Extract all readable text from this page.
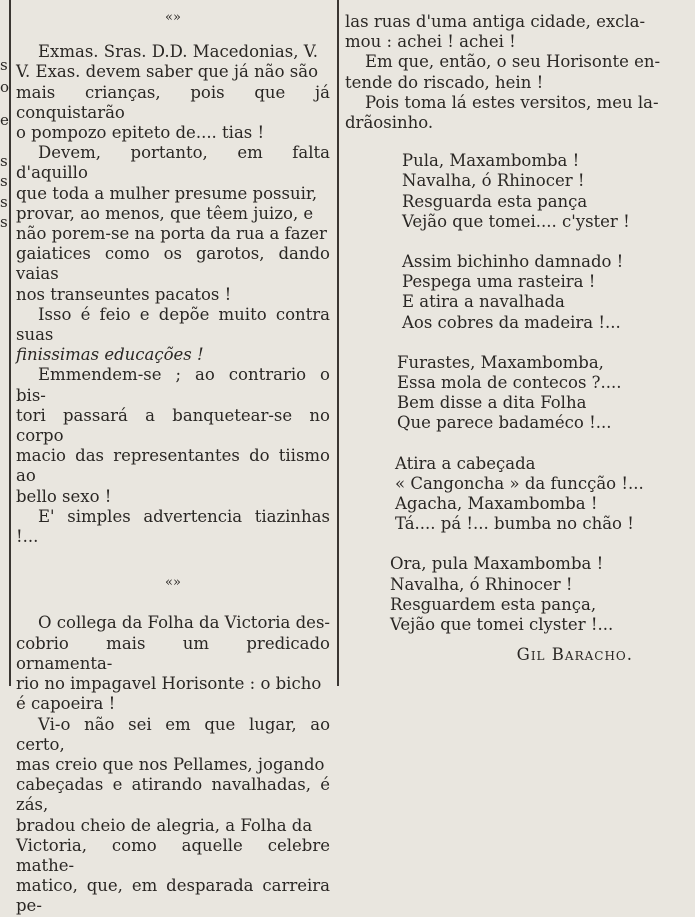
s
o
e
s
s
s
s
«»

Exmas. Sras. D.D. Macedonias, V.

V. Exas. devem saber que já não são

mais crianças, pois que já conquistarão

o pompozo epiteto de.... tias !

Devem, portanto, em falta d'aquillo

que toda a mulher presume possuir,

provar, ao menos, que têem juizo, e

não porem-se na porta da rua a fazer

gaiatices como os garotos, dando vaias

nos transeuntes pacatos !

Isso é feio e depõe muito contra suas

finissimas educações !

Emmendem-se ; ao contrario o bis-

tori passará a banquetear-se no corpo

macio das representantes do tiismo ao

bello sexo !

E' simples advertencia tiazinhas !...

«»

O collega da Folha da Victoria des-

cobrio mais um predicado ornamenta-

rio no impagavel Horisonte : o bicho

é capoeira !

Vi-o não sei em que lugar, ao certo,

mas creio que nos Pellames, jogando

cabeçadas e atirando navalhadas, é zás,

bradou cheio de alegria, a Folha da

Victoria, como aquelle celebre mathe-

matico, que, em desparada carreira pe-

las ruas d'uma antiga cidade, excla-

mou : achei ! achei !

Em que, então, o seu Horisonte en-

tende do riscado, hein !

Pois toma lá estes versitos, meu la-

drãosinho.

Pula, Maxambomba !
Navalha, ó Rhinocer !
Resguarda esta pança
Vejão que tomei.... c'yster !
Assim bichinho damnado !
Pespega uma rasteira !
E atira a navalhada
Aos cobres da madeira !...
Furastes, Maxambomba,
Essa mola de contecos ?....
Bem disse a dita Folha
Que parece badaméco !...
Atira a cabeçada
« Cangoncha » da funcção !...
Agacha, Maxambomba !
Tá.... pá !... bumba no chão !
Ora, pula Maxambomba !
Navalha, ó Rhinocer !
Resguardem esta pança,
Vejão que tomei clyster !...
Gil Baracho.
